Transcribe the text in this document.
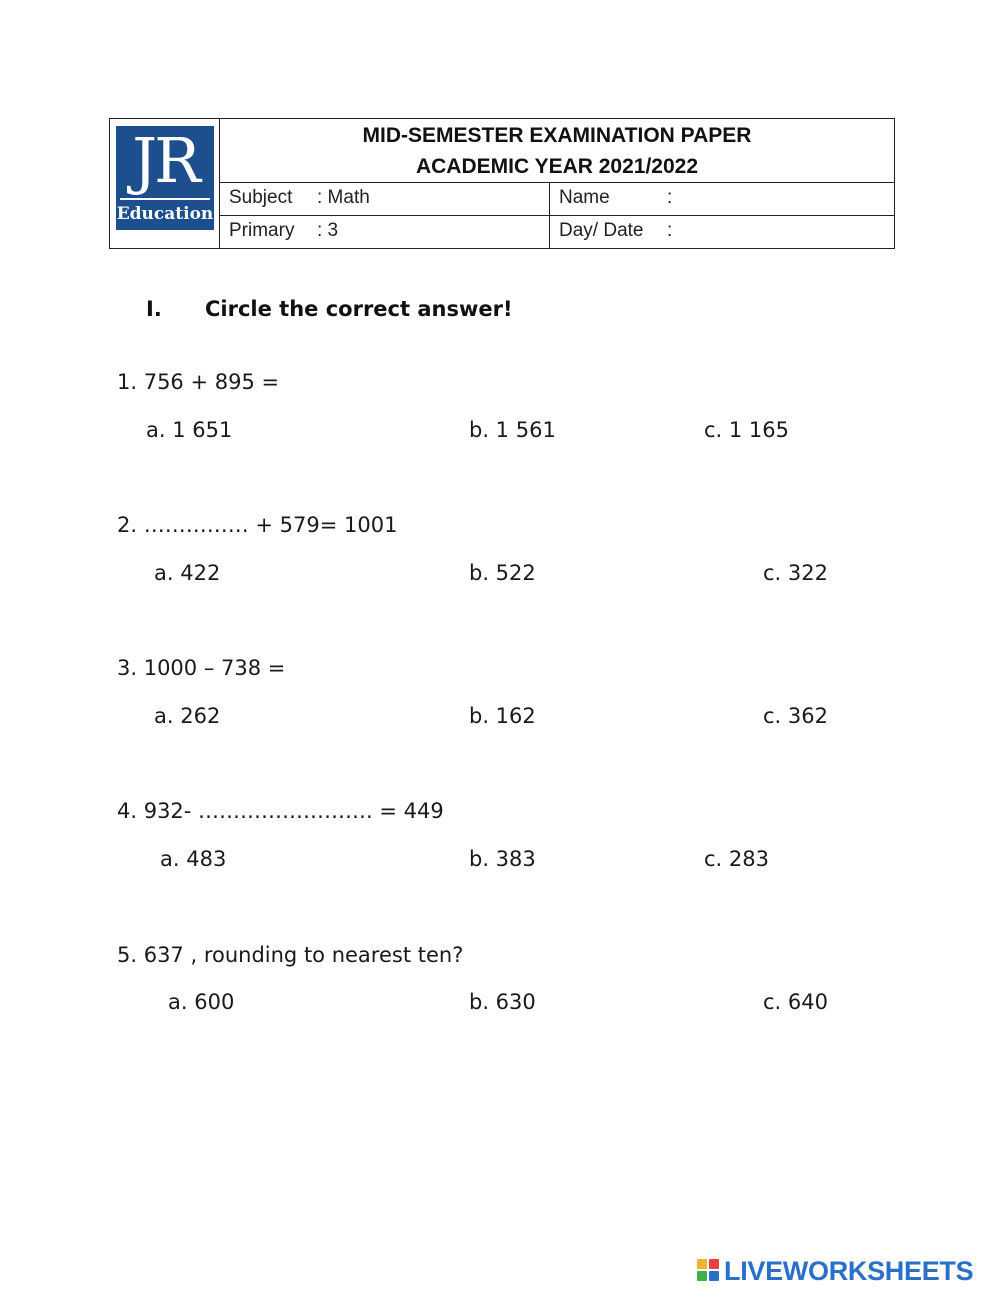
JR
Education
MID-SEMESTER EXAMINATION PAPER
ACADEMIC YEAR 2021/2022
Subject : Math	Name	:
Primary : 3	Day/ Date :
I. Circle the correct answer!
1. 756 + 895 =
a. 1 651	b. 1 561	c. 1 165
2. …………… + 579= 1001
a. 422	b. 522	c. 322
3. 1000 – 738 =
a. 262	b. 162	c. 362
4. 932- ……………………. = 449
a. 483	b. 383	c. 283
5. 637 , rounding to nearest ten?
a. 600	b. 630	c. 640
LIVEWORKSHEETS
